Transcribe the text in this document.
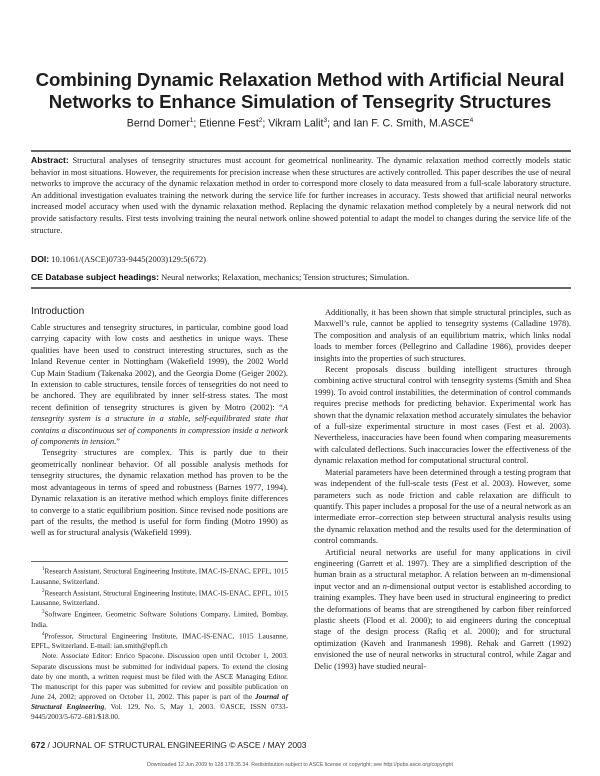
Combining Dynamic Relaxation Method with Artificial Neural
Networks to Enhance Simulation of Tensegrity Structures
Bernd Domer$^1$; Etienne Fest$^2$; Vikram Lalit$^3$; and Ian F. C. Smith, M.ASCE$^4$
Abstract: Structural analyses of tensegrity structures must account for geometrical nonlinearity. The dynamic relaxation method correctly models static behavior in most situations. However, the requirements for precision increase when these structures are actively controlled. This paper describes the use of neural networks to improve the accuracy of the dynamic relaxation method in order to correspond more closely to data measured from a full-scale laboratory structure. An additional investigation evaluates training the network during the service life for further increases in accuracy. Tests showed that artificial neural networks increased model accuracy when used with the dynamic relaxation method. Replacing the dynamic relaxation method completely by a neural network did not provide satisfactory results. First tests involving training the neural network online showed potential to adapt the model to changes during the service life of the structure.
DOI: 10.1061/(ASCE)0733-9445(2003)129:5(672)
CE Database subject headings: Neural networks; Relaxation, mechanics; Tension structures; Simulation.
Introduction

Cable structures and tensegrity structures, in particular, combine good load carrying capacity with low costs and aesthetics in unique ways. These qualities have been used to construct interesting structures, such as the Inland Revenue center in Nottingham (Wakefield 1999), the 2002 World Cup Main Stadium (Takenaka 2002), and the Georgia Dome (Geiger 2002). In extension to cable structures, tensile forces of tensegrities do not need to be anchored. They are equilibrated by inner self-stress states. The most recent definition of tensegrity structures is given by Motro (2002): “A tensegrity system is a structure in a stable, self-equilibrated state that contains a discontinuous set of components in compression inside a network of components in tension.”

Tensegrity structures are complex. This is partly due to their geometrically nonlinear behavior. Of all possible analysis methods for tensegrity structures, the dynamic relaxation method has proven to be the most advantageous in terms of speed and robustness (Barnes 1977, 1994). Dynamic relaxation is an iterative method which employs finite differences to converge to a static equilibrium position. Since revised node positions are part of the results, the method is useful for form finding (Motro 1990) as well as for structural analysis (Wakefield 1999).

$^1$Research Assistant, Structural Engineering Institute, IMAC-IS-ENAC, EPFL, 1015 Lausanne, Switzerland.

$^2$Research Assistant, Structural Engineering Institute, IMAC-IS-ENAC, EPFL, 1015 Lausanne, Switzerland.

$^3$Software Engineer, Geometric Software Solutions Company, Limited, Bombay, India.

$^4$Professor, Structural Engineering Institute, IMAC-IS-ENAC, 1015 Lausanne, EPFL, Switzerland. E-mail: ian.smith@epfl.ch

Note. Associate Editor: Enrico Spacone. Discussion open until October 1, 2003. Separate discussions must be submitted for individual papers. To extend the closing date by one month, a written request must be filed with the ASCE Managing Editor. The manuscript for this paper was submitted for review and possible publication on June 24, 2002; approved on October 11, 2002. This paper is part of the Journal of Structural Engineering, Vol. 129, No. 5, May 1, 2003. ©ASCE, ISSN 0733-9445/2003/5-672–681/$18.00.

Additionally, it has been shown that simple structural principles, such as Maxwell’s rule, cannot be applied to tensegrity systems (Calladine 1978). The composition and analysis of an equilibrium matrix, which links nodal loads to member forces (Pellegrino and Calladine 1986), provides deeper insights into the properties of such structures.

Recent proposals discuss building intelligent structures through combining active structural control with tensegrity systems (Smith and Shea 1999). To avoid control instabilities, the determination of control commands requires precise methods for predicting behavior. Experimental work has shown that the dynamic relaxation method accurately simulates the behavior of a full-size experimental structure in most cases (Fest et al. 2003). Nevertheless, inaccuracies have been found when comparing measurements with calculated deflections. Such inaccuracies lower the effectiveness of the dynamic relaxation method for computational structural control.

Material parameters have been determined through a testing program that was independent of the full-scale tests (Fest et al. 2003). However, some parameters such as node friction and cable relaxation are difficult to quantify. This paper includes a proposal for the use of a neural network as an intermediate error–correction step between structural analysis results using the dynamic relaxation method and the results used for the determination of control commands.

Artificial neural networks are useful for many applications in civil engineering (Garrett et al. 1997). They are a simplified description of the human brain as a structural metaphor. A relation between an m-dimensional input vector and an n-dimensional output vector is established according to training examples. They have been used in structural engineering to predict the deformations of beams that are strengthened by carbon fiber reinforced plastic sheets (Flood et al. 2000); to aid engineers during the conceptual stage of the design process (Rafiq et al. 2000); and for structural optimization (Kaveh and Iranmanesh 1998). Rehak and Garrett (1992) envisioned the use of neural networks in structural control, while Zagar and Delic (1993) have studied neural-

672 / JOURNAL OF STRUCTURAL ENGINEERING © ASCE / MAY 2003
Downloaded 12 Jun 2009 to 128.178.35.34. Redistribution subject to ASCE license or copyright; see http://pubs.asce.org/copyright
